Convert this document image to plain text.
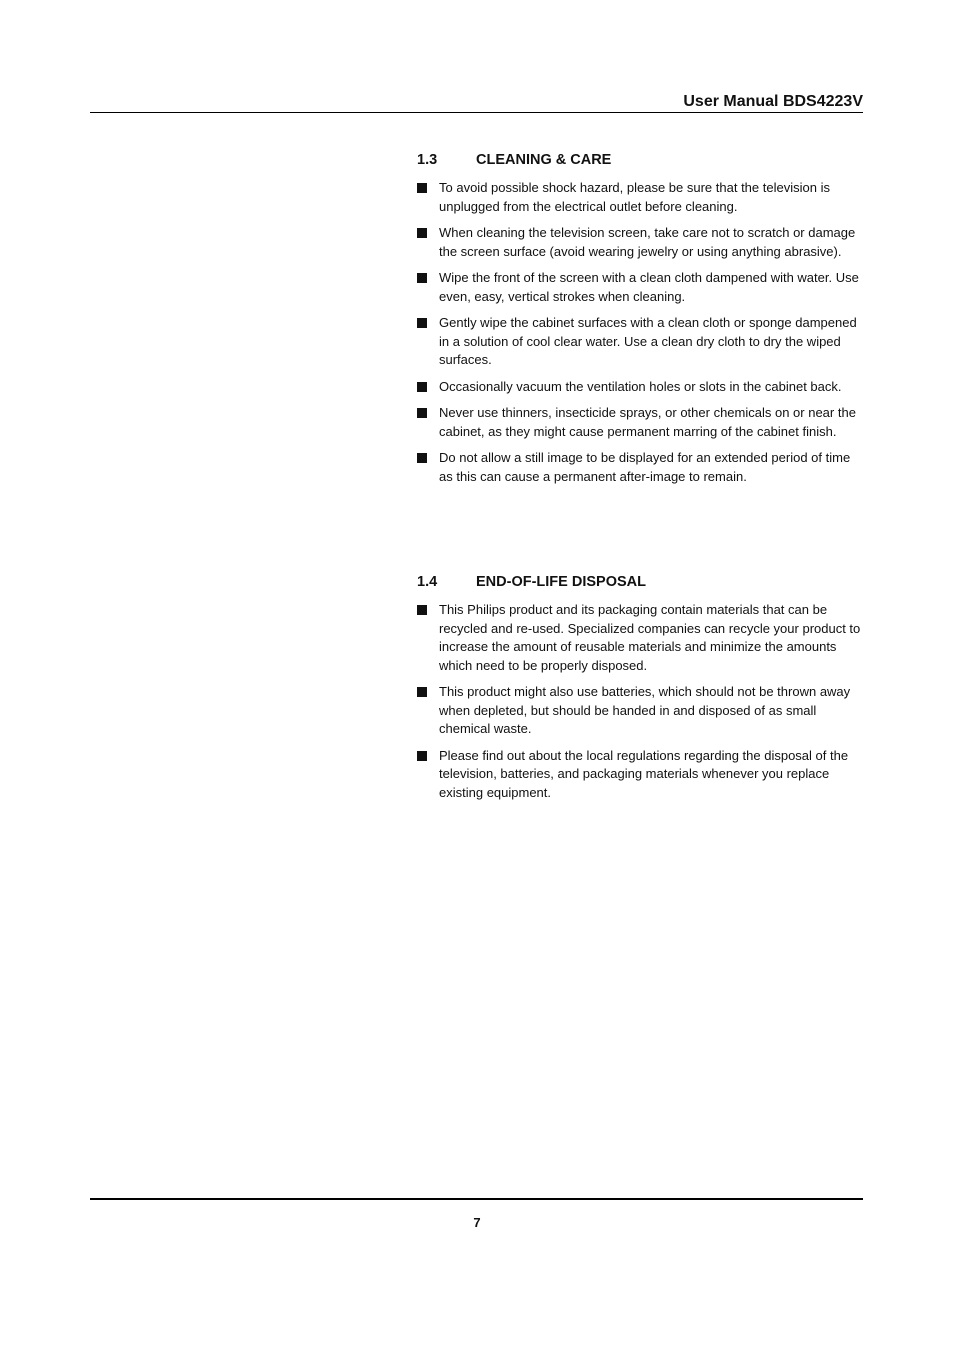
User Manual BDS4223V
1.3	CLEANING & CARE
To avoid possible shock hazard, please be sure that the television is unplugged from the electrical outlet before cleaning.
When cleaning the television screen, take care not to scratch or damage the screen surface (avoid wearing jewelry or using anything abrasive).
Wipe the front of the screen with a clean cloth dampened with water. Use even, easy, vertical strokes when cleaning.
Gently wipe the cabinet surfaces with a clean cloth or sponge dampened in a solution of cool clear water. Use a clean dry cloth to dry the wiped surfaces.
Occasionally vacuum the ventilation holes or slots in the cabinet back.
Never use thinners, insecticide sprays, or other chemicals on or near the cabinet, as they might cause permanent marring of the cabinet finish.
Do not allow a still image to be displayed for an extended period of time as this can cause a permanent after-image to remain.
1.4	END-OF-LIFE DISPOSAL
This Philips product and its packaging contain materials that can be recycled and re-used. Specialized companies can recycle your product to increase the amount of reusable materials and minimize the amounts which need to be properly disposed.
This product might also use batteries, which should not be thrown away when depleted, but should be handed in and disposed of as small chemical waste.
Please find out about the local regulations regarding the disposal of the television, batteries, and packaging materials whenever you replace existing equipment.
7
